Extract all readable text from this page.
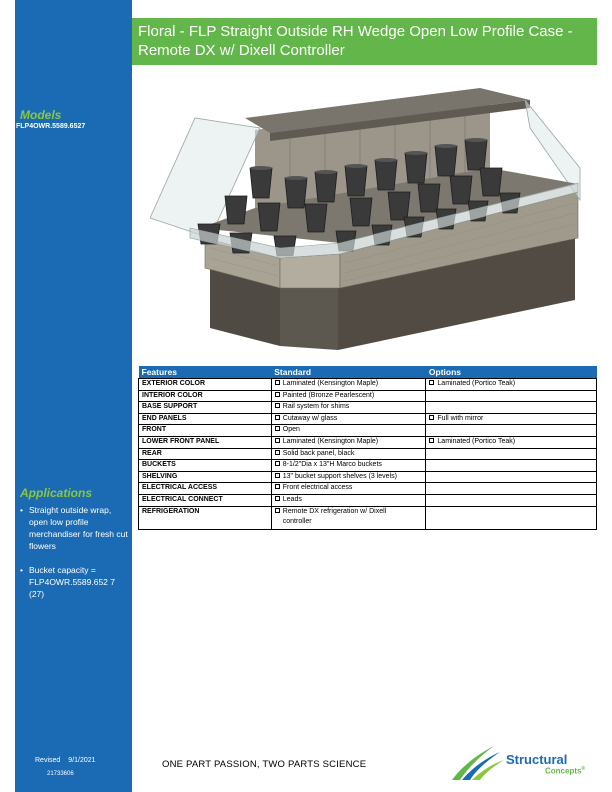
Floral - FLP Straight Outside RH Wedge Open Low Profile Case - Remote DX w/ Dixell Controller
Models
FLP4OWR.5589.6527
Applications
• Straight outside wrap, open low profile merchandiser for fresh cut flowers
• Bucket capacity = FLP4OWR.5589.652 7 (27)
Revised 9/1/2021
21733606
Features	Standard	Options
EXTERIOR COLOR	Laminated (Kensington Maple)	Laminated (Portico Teak)
INTERIOR COLOR	Painted (Bronze Pearlescent)	
BASE SUPPORT	Rail system for shims	
END PANELS	Cutaway w/ glass	Full with mirror
FRONT	Open	
LOWER FRONT PANEL	Laminated (Kensington Maple)	Laminated (Portico Teak)
REAR	Solid back panel, black	
BUCKETS	8-1/2"Dia x 13"H Marco buckets	
SHELVING	13" bucket support shelves (3 levels)	
ELECTRICAL ACCESS	Front electrical access	
ELECTRICAL CONNECT	Leads	
REFRIGERATION	Remote DX refrigeration w/ Dixell
controller	

ONE PART PASSION, TWO PARTS SCIENCE	Structural
Concepts®
